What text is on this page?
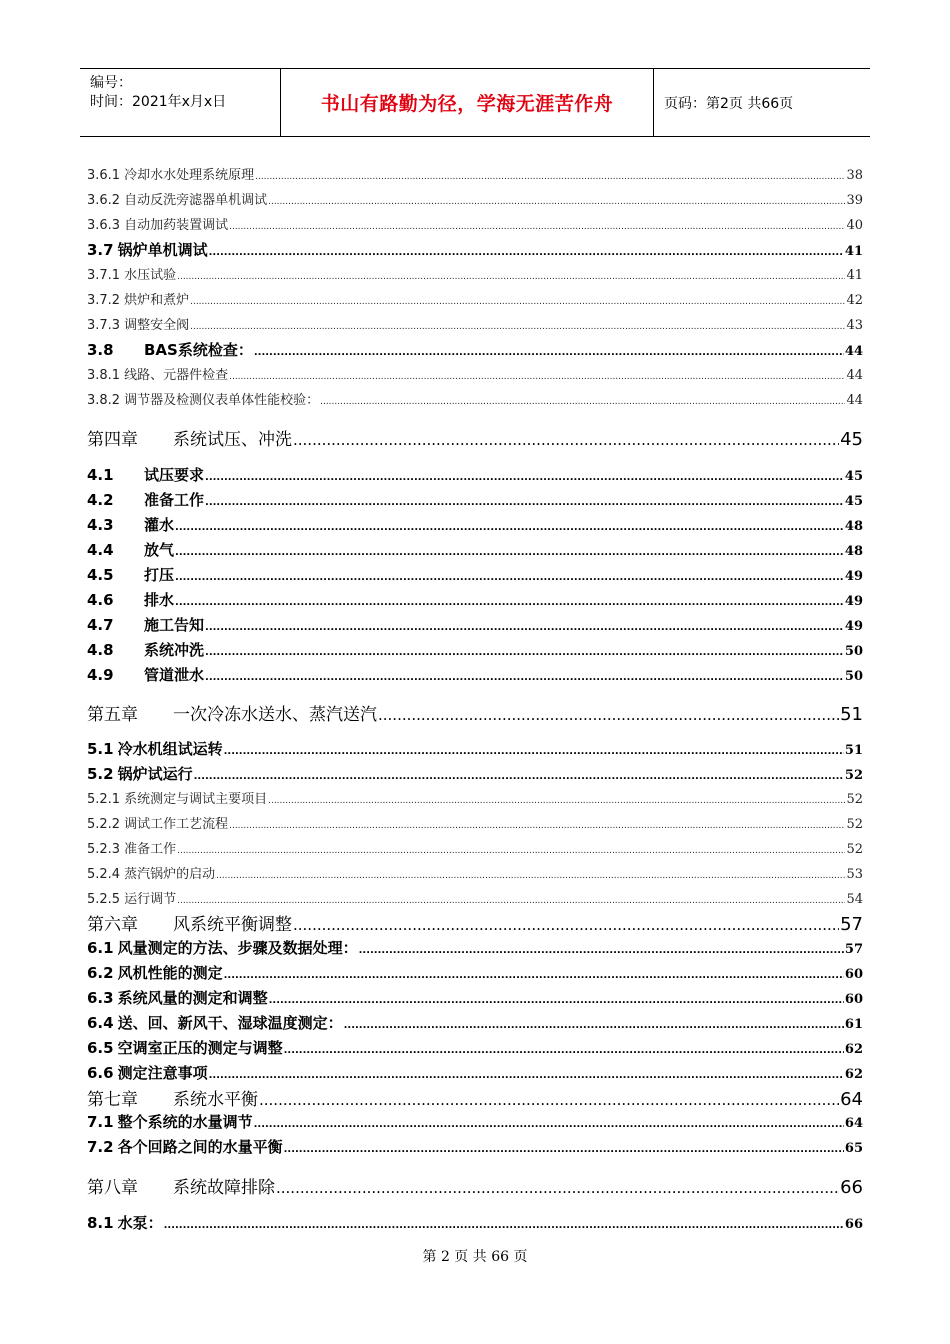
编号：
时间：2021年x月x日	书山有路勤为径，学海无涯苦作舟	页码：第2页 共66页
3.6.1 冷却水水处理系统原理 .....	38
3.6.2 自动反洗旁滤器单机调试 .....	39
3.6.3 自动加药装置调试 .....	40
3.7 锅炉单机调试 .....	41
3.7.1 水压试验 .....	41
3.7.2 烘炉和煮炉 .....	42
3.7.3 调整安全阀 .....	43
3.8 BAS系统检查： .....	44
3.8.1 线路、元器件检查 .....	44
3.8.2 调节器及检测仪表单体性能校验： .....	44
第四章 系统试压、冲洗 .....	45
4.1 试压要求 .....	45
4.2 准备工作 .....	45
4.3 灌水 .....	48
4.4 放气 .....	48
4.5 打压 .....	49
4.6 排水 .....	49
4.7 施工告知 .....	49
4.8 系统冲洗 .....	50
4.9 管道泄水 .....	50
第五章 一次冷冻水送水、蒸汽送汽 .....	51
5.1 冷水机组试运转 .....	51
5.2 锅炉试运行 .....	52
5.2.1 系统测定与调试主要项目 .....	52
5.2.2 调试工作工艺流程 .....	52
5.2.3 准备工作 .....	52
5.2.4 蒸汽锅炉的启动 .....	53
5.2.5 运行调节 .....	54
第六章 风系统平衡调整 .....	57
6.1 风量测定的方法、步骤及数据处理： .....	57
6.2 风机性能的测定 .....	60
6.3 系统风量的测定和调整 .....	60
6.4 送、回、新风干、湿球温度测定： .....	61
6.5 空调室正压的测定与调整 .....	62
6.6 测定注意事项 .....	62
第七章 系统水平衡 .....	64
7.1 整个系统的水量调节 .....	64
7.2 各个回路之间的水量平衡 .....	65
第八章 系统故障排除 .....	66
8.1 水泵： .....	66
第 2 页 共 66 页
